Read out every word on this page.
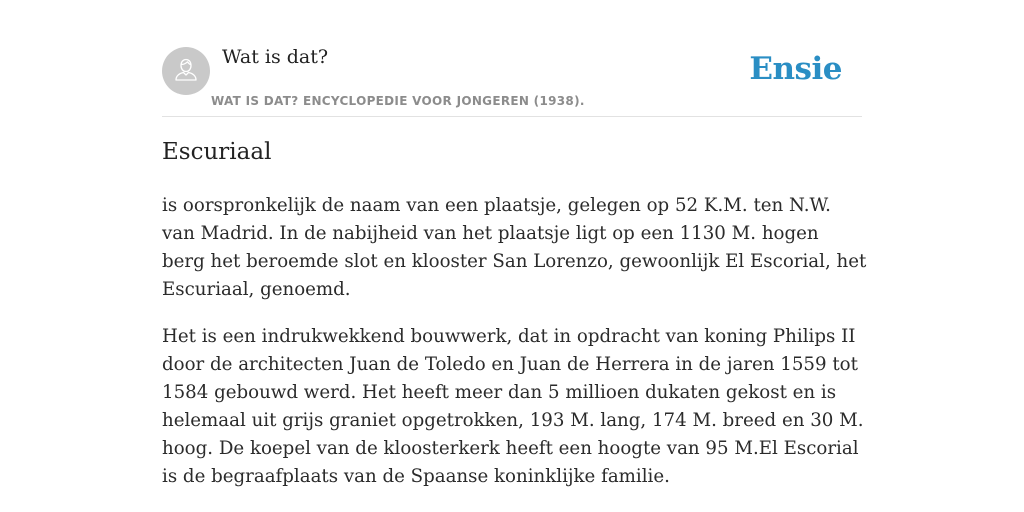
Wat is dat?
WAT IS DAT? ENCYCLOPEDIE VOOR JONGEREN (1938).
Ensie
Escuriaal

is oorspronkelijk de naam van een plaatsje, gelegen op 52 K.M. ten N.W. van Madrid. In de nabijheid van het plaatsje ligt op een 1130 M. hogen berg het beroemde slot en klooster San Lorenzo, gewoonlijk El Escorial, het Escuriaal, genoemd.

Het is een indrukwekkend bouwwerk, dat in opdracht van koning Philips II door de architecten Juan de Toledo en Juan de Herrera in de jaren 1559 tot 1584 gebouwd werd. Het heeft meer dan 5 millioen dukaten gekost en is helemaal uit grijs graniet opgetrokken, 193 M. lang, 174 M. breed en 30 M. hoog. De koepel van de kloosterkerk heeft een hoogte van 95 M.El Escorial is de begraafplaats van de Spaanse koninklijke familie.
